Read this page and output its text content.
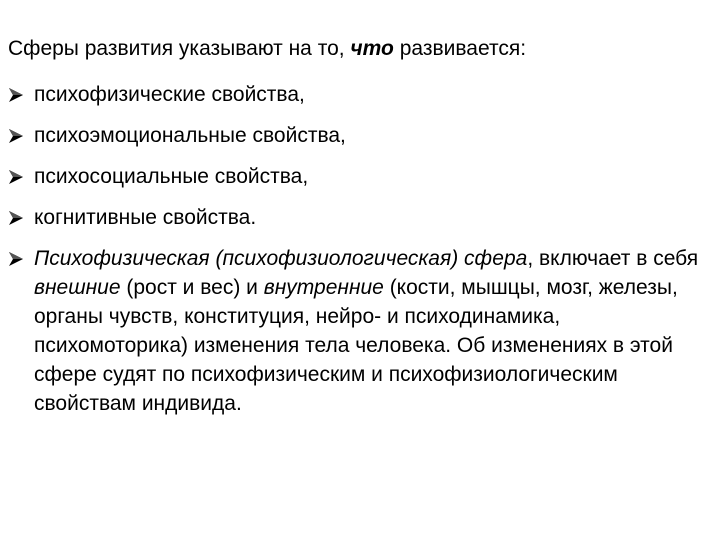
Сферы развития указывают на то, что развивается:
психофизические свойства,
психоэмоциональные свойства,
психосоциальные свойства,
когнитивные свойства.
Психофизическая (психофизиологическая) сфера, включает в себя внешние (рост и вес) и внутренние (кости, мышцы, мозг, железы, органы чувств, конституция, нейро- и психодинамика, психомоторика) изменения тела человека. Об изменениях в этой сфере судят по психофизическим и психофизиологическим свойствам индивида.
